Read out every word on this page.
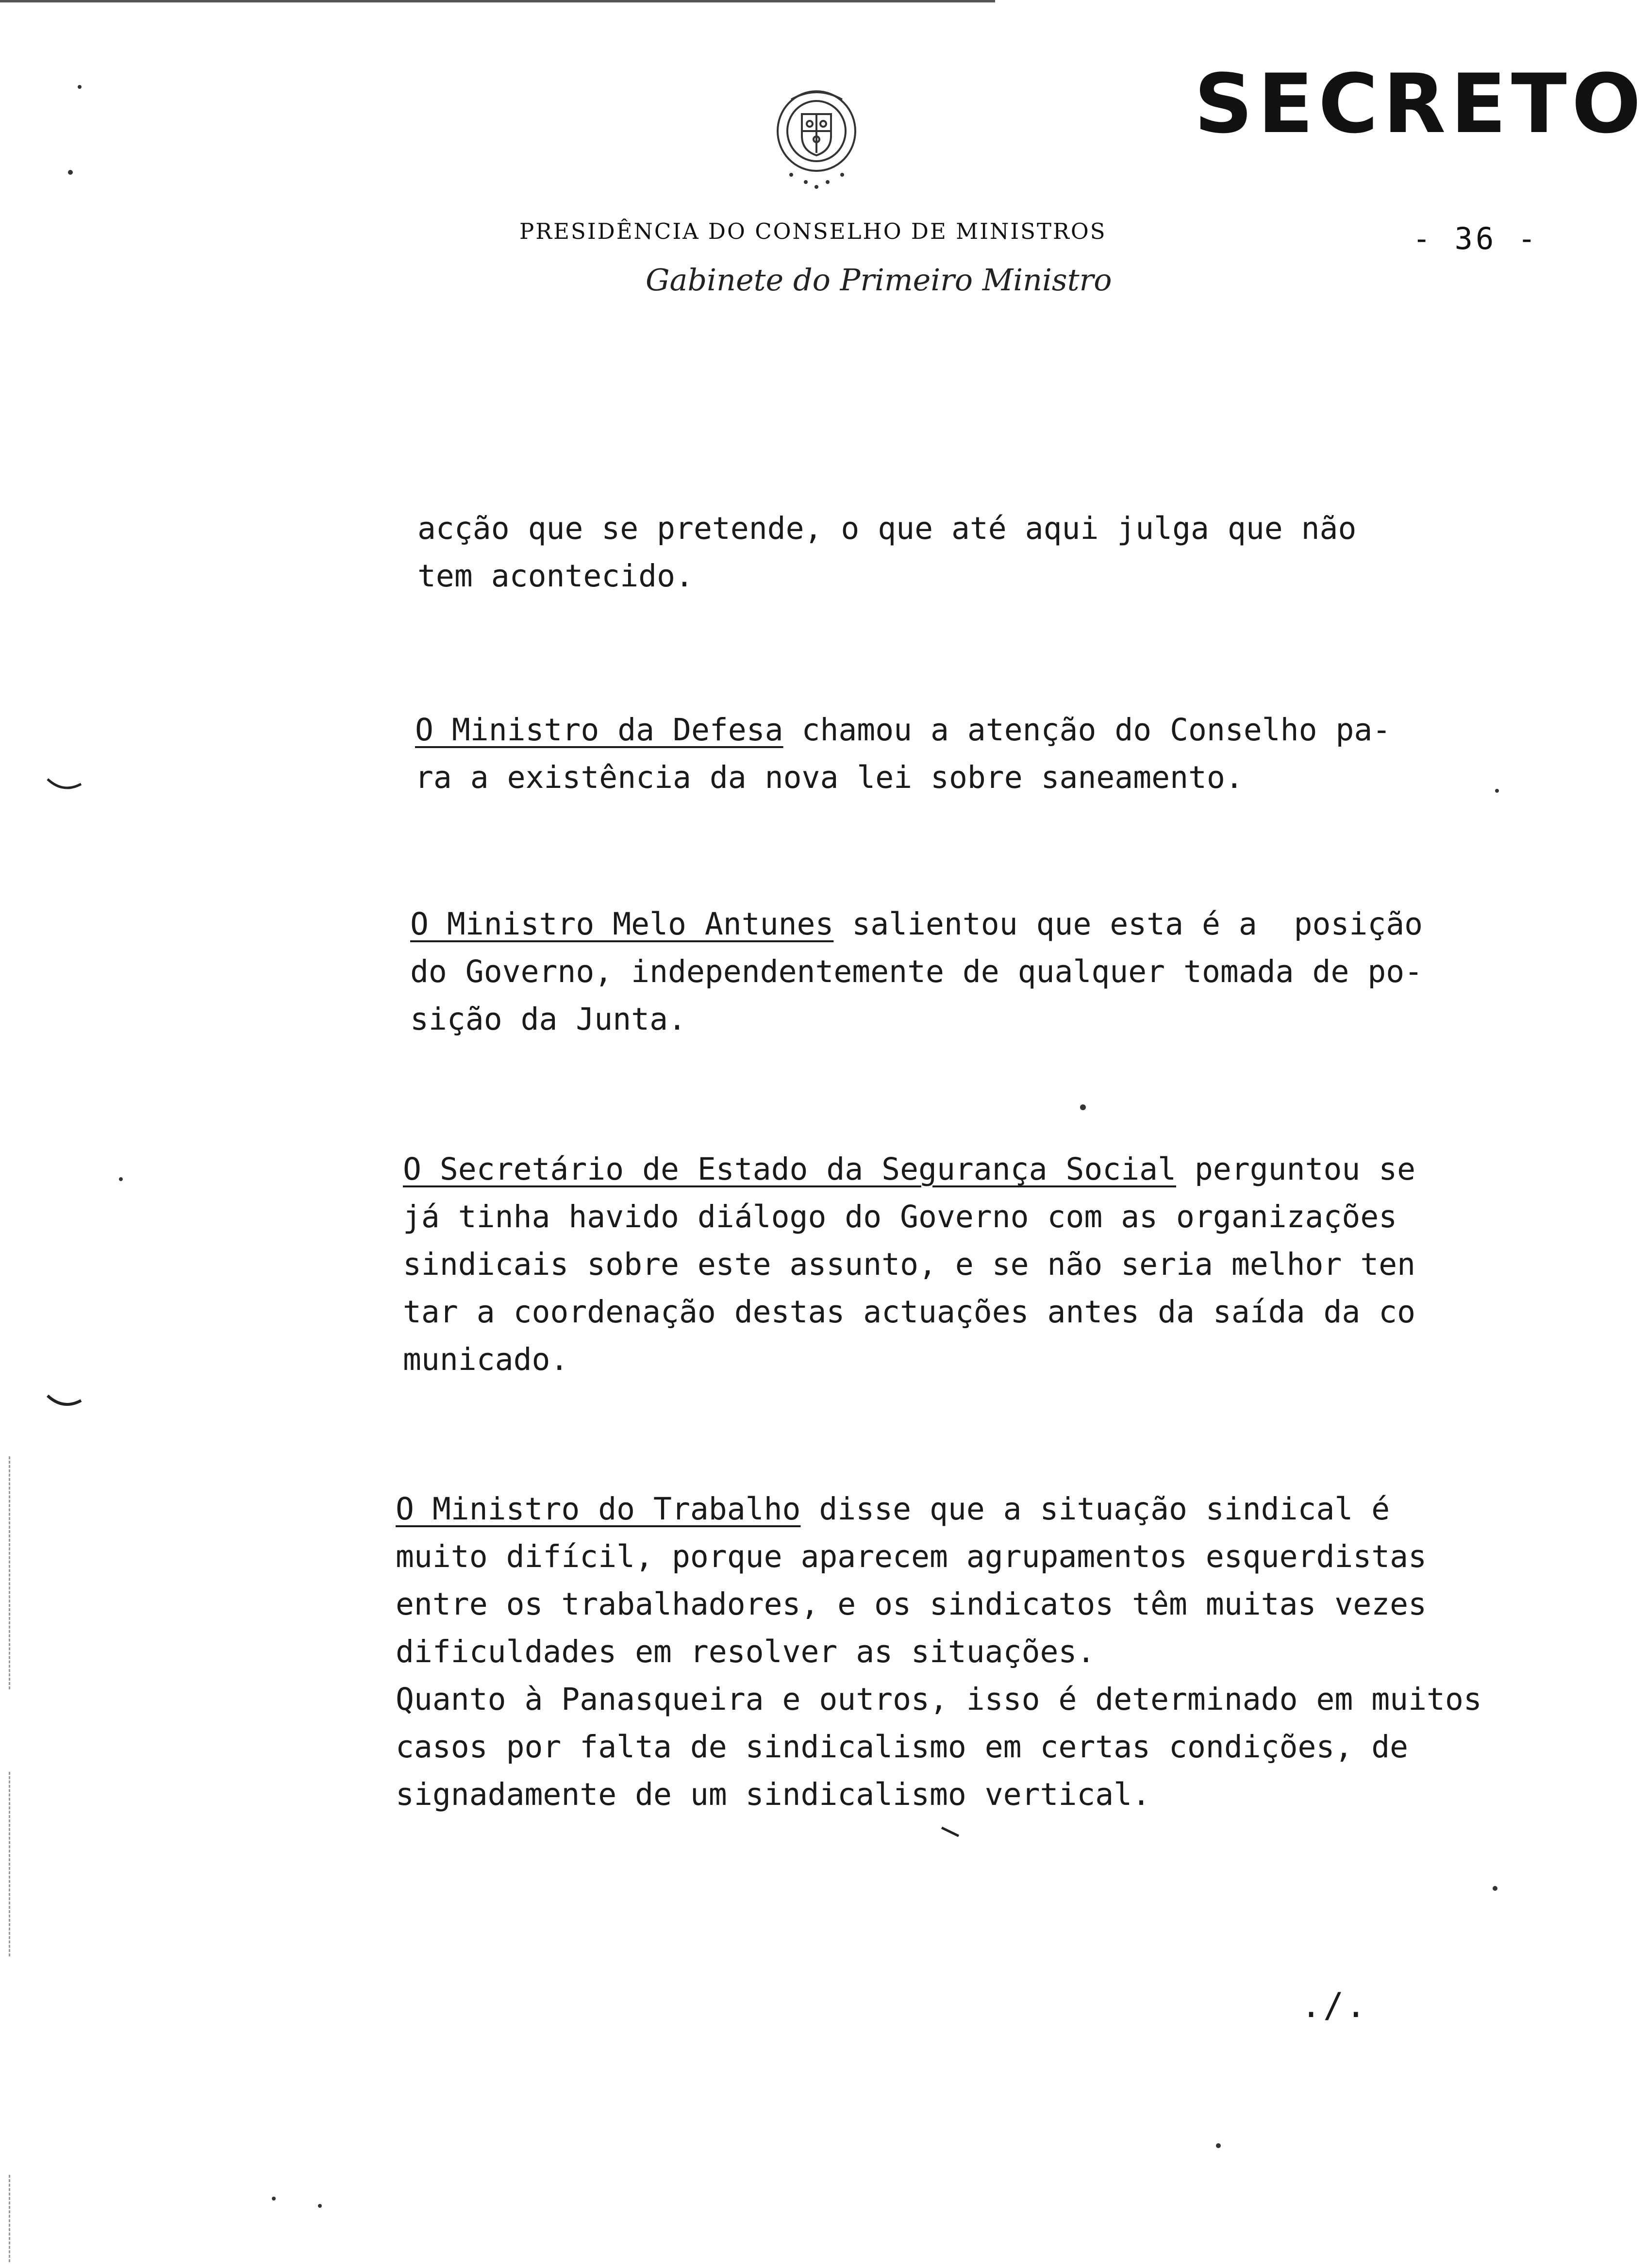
SECRETO
PRESIDÊNCIA DO CONSELHO DE MINISTROS
Gabinete do Primeiro Ministro
- 36 -
acção que se pretende, o que até aqui julga que não
tem acontecido.
O Ministro da Defesa chamou a atenção do Conselho pa-
ra a existência da nova lei sobre saneamento.
O Ministro Melo Antunes salientou que esta é a  posição
do Governo, independentemente de qualquer tomada de po-
sição da Junta.
O Secretário de Estado da Segurança Social perguntou se
já tinha havido diálogo do Governo com as organizações
sindicais sobre este assunto, e se não seria melhor ten
tar a coordenação destas actuações antes da saída da co
municado.
O Ministro do Trabalho disse que a situação sindical é
muito difícil, porque aparecem agrupamentos esquerdistas
entre os trabalhadores, e os sindicatos têm muitas vezes
dificuldades em resolver as situações.
Quanto à Panasqueira e outros, isso é determinado em muitos
casos por falta de sindicalismo em certas condições, de
signadamente de um sindicalismo vertical.
./.
